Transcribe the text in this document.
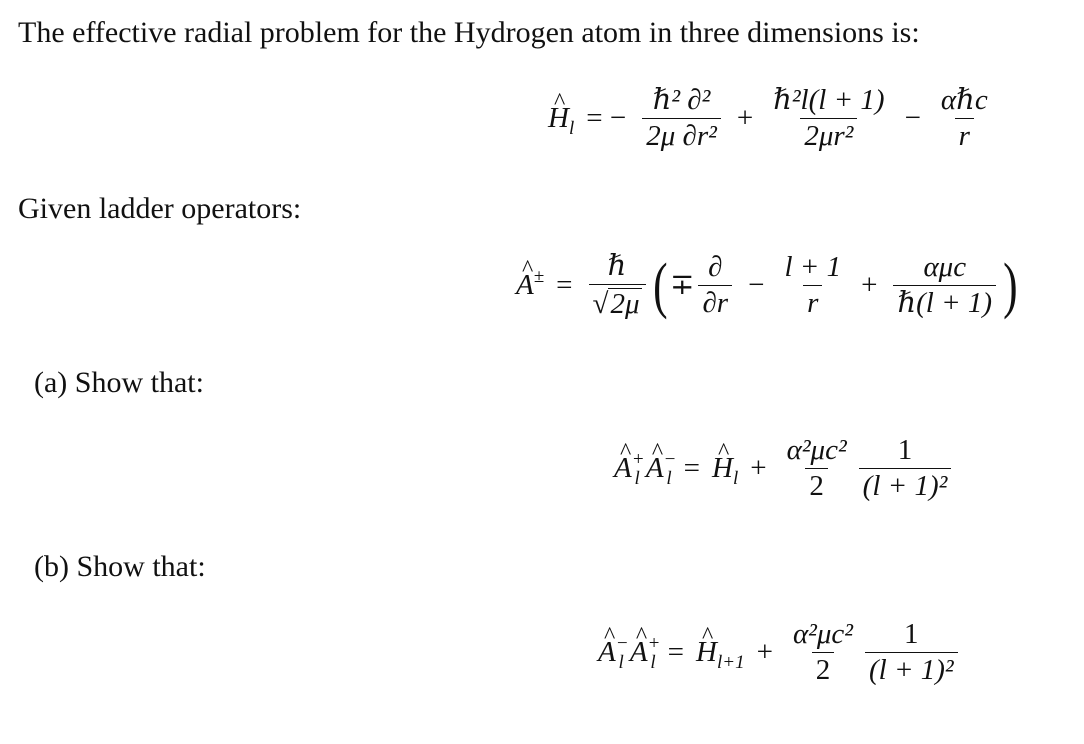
The effective radial problem for the Hydrogen atom in three dimensions is:
^ $H_l$ = − $\frac{\text{ℏ² ∂²}}{\text{2μ ∂r²}} + \frac{\text{ℏ²l(l + 1)}}{\text{2μr²}} - \frac{\text{αℏc}}{r}$
Given ladder operators:
^ $A^\pm = \frac{\text{ℏ}}{√ 2\mu}$ ( ∓ $\frac{\partial}{\partial r} - \frac{l + 1}{r} + \frac{\text{αμc}}{\text{ℏ(l + 1)}}$ )
(a) Show that:
^ $A^+_l$ ^ $A^-_l$ = ^ $H_l + \frac{\text{α²μc²}}{2} \frac{1}{\text{(l + 1)²}}$
(b) Show that:
^ $A^-_l$ ^ $A^+_l$ = ^ $H_{l+1} + \frac{\text{α²μc²}}{2} \frac{1}{\text{(l + 1)²}}$
